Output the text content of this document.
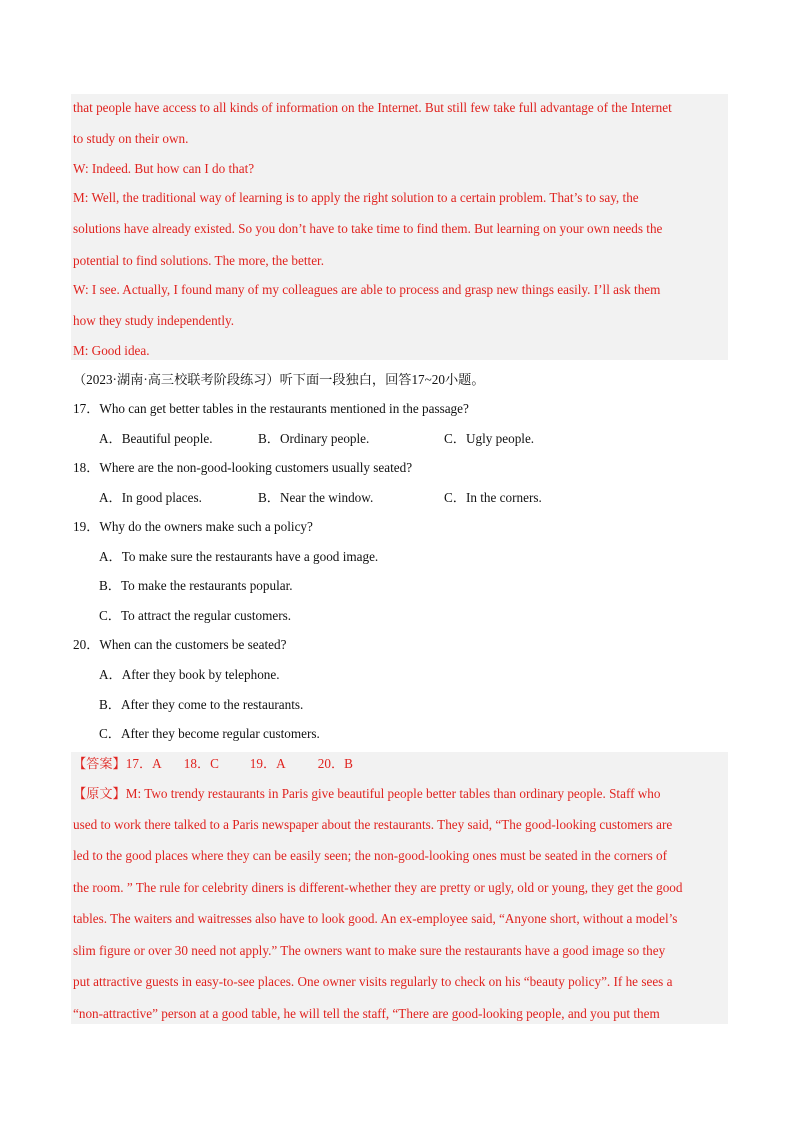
that people have access to all kinds of information on the Internet. But still few take full advantage of the Internet
to study on their own.
W: Indeed. But how can I do that?
M: Well, the traditional way of learning is to apply the right solution to a certain problem. That’s to say, the
solutions have already existed. So you don’t have to take time to find them. But learning on your own needs the
potential to find solutions. The more, the better.
W: I see. Actually, I found many of my colleagues are able to process and grasp new things easily. I’ll ask them
how they study independently.
M: Good idea.
（2023·湖南·高三校联考阶段练习）听下面一段独白，回答17~20小题。
17．Who can get better tables in the restaurants mentioned in the passage?
A．Beautiful people.	B．Ordinary people.	C．Ugly people.
18．Where are the non-good-looking customers usually seated?
A．In good places.	B．Near the window.	C．In the corners.
19．Why do the owners make such a policy?
A．To make sure the restaurants have a good image.
B．To make the restaurants popular.
C．To attract the regular customers.
20．When can the customers be seated?
A．After they book by telephone.
B．After they come to the restaurants.
C．After they become regular customers.
【答案】17．A 18．C 19．A 20．B
【原文】M: Two trendy restaurants in Paris give beautiful people better tables than ordinary people. Staff who
used to work there talked to a Paris newspaper about the restaurants. They said, “The good-looking customers are
led to the good places where they can be easily seen; the non-good-looking ones must be seated in the corners of
the room. ” The rule for celebrity diners is different-whether they are pretty or ugly, old or young, they get the good
tables. The waiters and waitresses also have to look good. An ex-employee said, “Anyone short, without a model’s
slim figure or over 30 need not apply.” The owners want to make sure the restaurants have a good image so they
put attractive guests in easy-to-see places. One owner visits regularly to check on his “beauty policy”. If he sees a
“non-attractive” person at a good table, he will tell the staff, “There are good-looking people, and you put them
